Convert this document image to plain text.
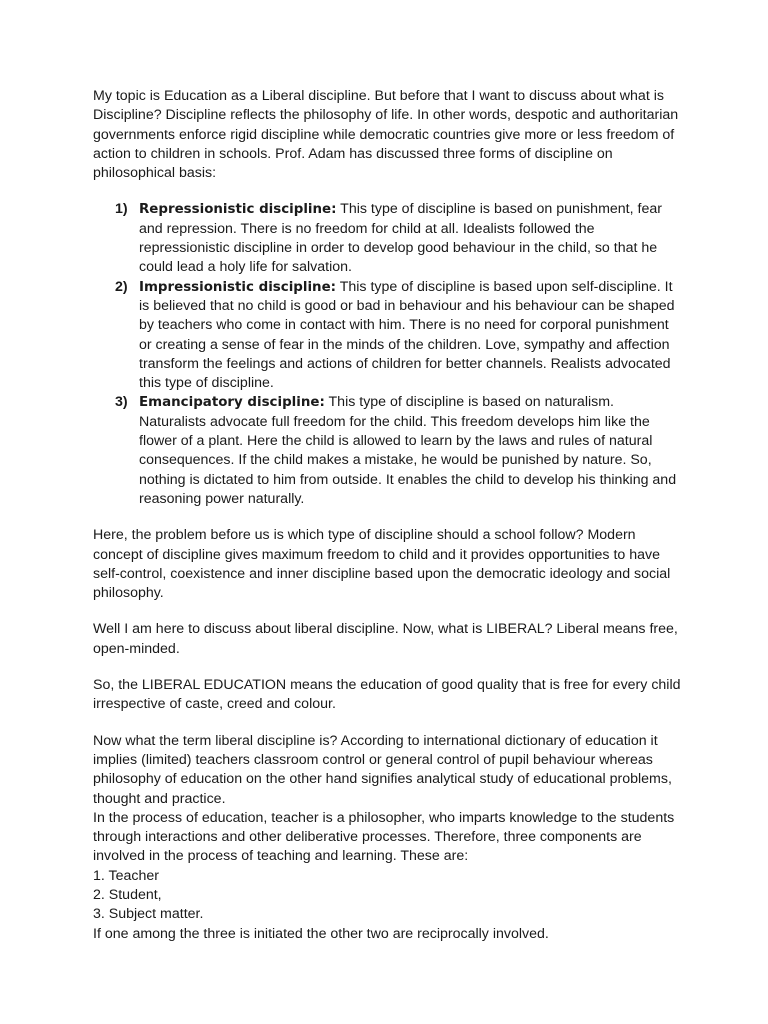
My topic is Education as a Liberal discipline. But before that I want to discuss about what is Discipline? Discipline reflects the philosophy of life. In other words, despotic and authoritarian governments enforce rigid discipline while democratic countries give more or less freedom of action to children in schools. Prof. Adam has discussed three forms of discipline on philosophical basis:

1) Repressionistic discipline: This type of discipline is based on punishment, fear and repression. There is no freedom for child at all. Idealists followed the repressionistic discipline in order to develop good behaviour in the child, so that he could lead a holy life for salvation.
2) Impressionistic discipline: This type of discipline is based upon self-discipline. It is believed that no child is good or bad in behaviour and his behaviour can be shaped by teachers who come in contact with him. There is no need for corporal punishment or creating a sense of fear in the minds of the children. Love, sympathy and affection transform the feelings and actions of children for better channels. Realists advocated this type of discipline.
3) Emancipatory discipline: This type of discipline is based on naturalism. Naturalists advocate full freedom for the child. This freedom develops him like the flower of a plant. Here the child is allowed to learn by the laws and rules of natural consequences. If the child makes a mistake, he would be punished by nature. So, nothing is dictated to him from outside. It enables the child to develop his thinking and reasoning power naturally.

Here, the problem before us is which type of discipline should a school follow? Modern concept of discipline gives maximum freedom to child and it provides opportunities to have self-control, coexistence and inner discipline based upon the democratic ideology and social philosophy.

Well I am here to discuss about liberal discipline. Now, what is LIBERAL? Liberal means free, open-minded.

So, the LIBERAL EDUCATION means the education of good quality that is free for every child irrespective of caste, creed and colour.

Now what the term liberal discipline is? According to international dictionary of education it implies (limited) teachers classroom control or general control of pupil behaviour whereas philosophy of education on the other hand signifies analytical study of educational problems, thought and practice.

In the process of education, teacher is a philosopher, who imparts knowledge to the students through interactions and other deliberative processes. Therefore, three components are involved in the process of teaching and learning. These are:

1. Teacher
2. Student,
3. Subject matter.

If one among the three is initiated the other two are reciprocally involved.
